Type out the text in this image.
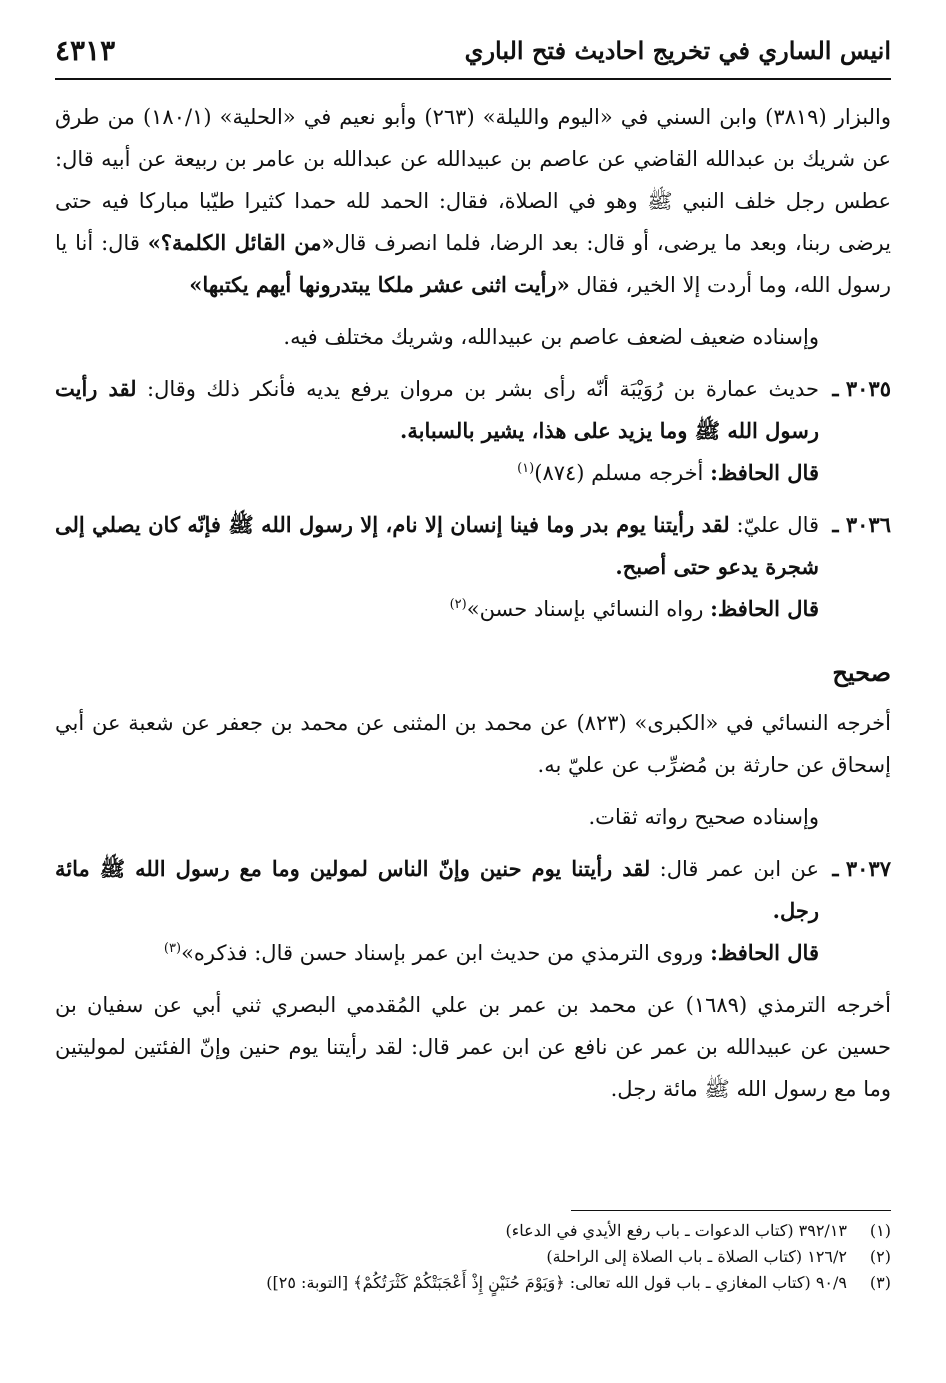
انيس الساري في تخريج احاديث فتح الباري
٤٣١٣

والبزار (٣٨١٩) وابن السني في «اليوم والليلة» (٢٦٣) وأبو نعيم في «الحلية» (١٨٠/١) من طرق عن شريك بن عبدالله القاضي عن عاصم بن عبيدالله عن عبدالله بن عامر بن ربيعة عن أبيه قال: عطس رجل خلف النبي ﷺ وهو في الصلاة، فقال: الحمد لله حمدا كثيرا طيّبا مباركا فيه حتى يرضى ربنا، وبعد ما يرضى، أو قال: بعد الرضا، فلما انصرف قال«من القائل الكلمة؟» قال: أنا يا رسول الله، وما أردت إلا الخير، فقال «رأيت اثنى عشر ملكا يبتدرونها أيهم يكتبها»

وإسناده ضعيف لضعف عاصم بن عبيدالله، وشريك مختلف فيه.

٣٠٣٥ ـ
حديث عمارة بن رُوَيْبَة أنّه رأى بشر بن مروان يرفع يديه فأنكر ذلك وقال: لقد رأيت رسول الله ﷺ وما يزيد على هذا، يشير بالسبابة.

قال الحافظ: أخرجه مسلم (٨٧٤)$^{(١)}$

٣٠٣٦ ـ
قال عليّ: لقد رأيتنا يوم بدر وما فينا إنسان إلا نام، إلا رسول الله ﷺ فإنّه كان يصلي إلى شجرة يدعو حتى أصبح.

قال الحافظ: رواه النسائي بإسناد حسن»$^{(٢)}$

صحيح

أخرجه النسائي في «الكبرى» (٨٢٣) عن محمد بن المثنى عن محمد بن جعفر عن شعبة عن أبي إسحاق عن حارثة بن مُضرِّب عن عليّ به.

وإسناده صحيح رواته ثقات.

٣٠٣٧ ـ
عن ابن عمر قال: لقد رأيتنا يوم حنين وإنّ الناس لمولين وما مع رسول الله ﷺ مائة رجل.

قال الحافظ: وروى الترمذي من حديث ابن عمر بإسناد حسن قال: فذكره»$^{(٣)}$

أخرجه الترمذي (١٦٨٩) عن محمد بن عمر بن علي المُقدمي البصري ثني أبي عن سفيان بن حسين عن عبيدالله بن عمر عن نافع عن ابن عمر قال: لقد رأيتنا يوم حنين وإنّ الفئتين لموليتين وما مع رسول الله ﷺ مائة رجل.

(١)
٣٩٢/١٣ (كتاب الدعوات ـ باب رفع الأيدي في الدعاء)
(٢)
١٢٦/٢ (كتاب الصلاة ـ باب الصلاة إلى الراحلة)
(٣)
٩٠/٩ (كتاب المغازي ـ باب قول الله تعالى: ﴿وَيَوْمَ حُنَيْنٍ إِذْ أَعْجَبَتْكُمْ كَثْرَتُكُمْ﴾ [التوبة: ٢٥])
